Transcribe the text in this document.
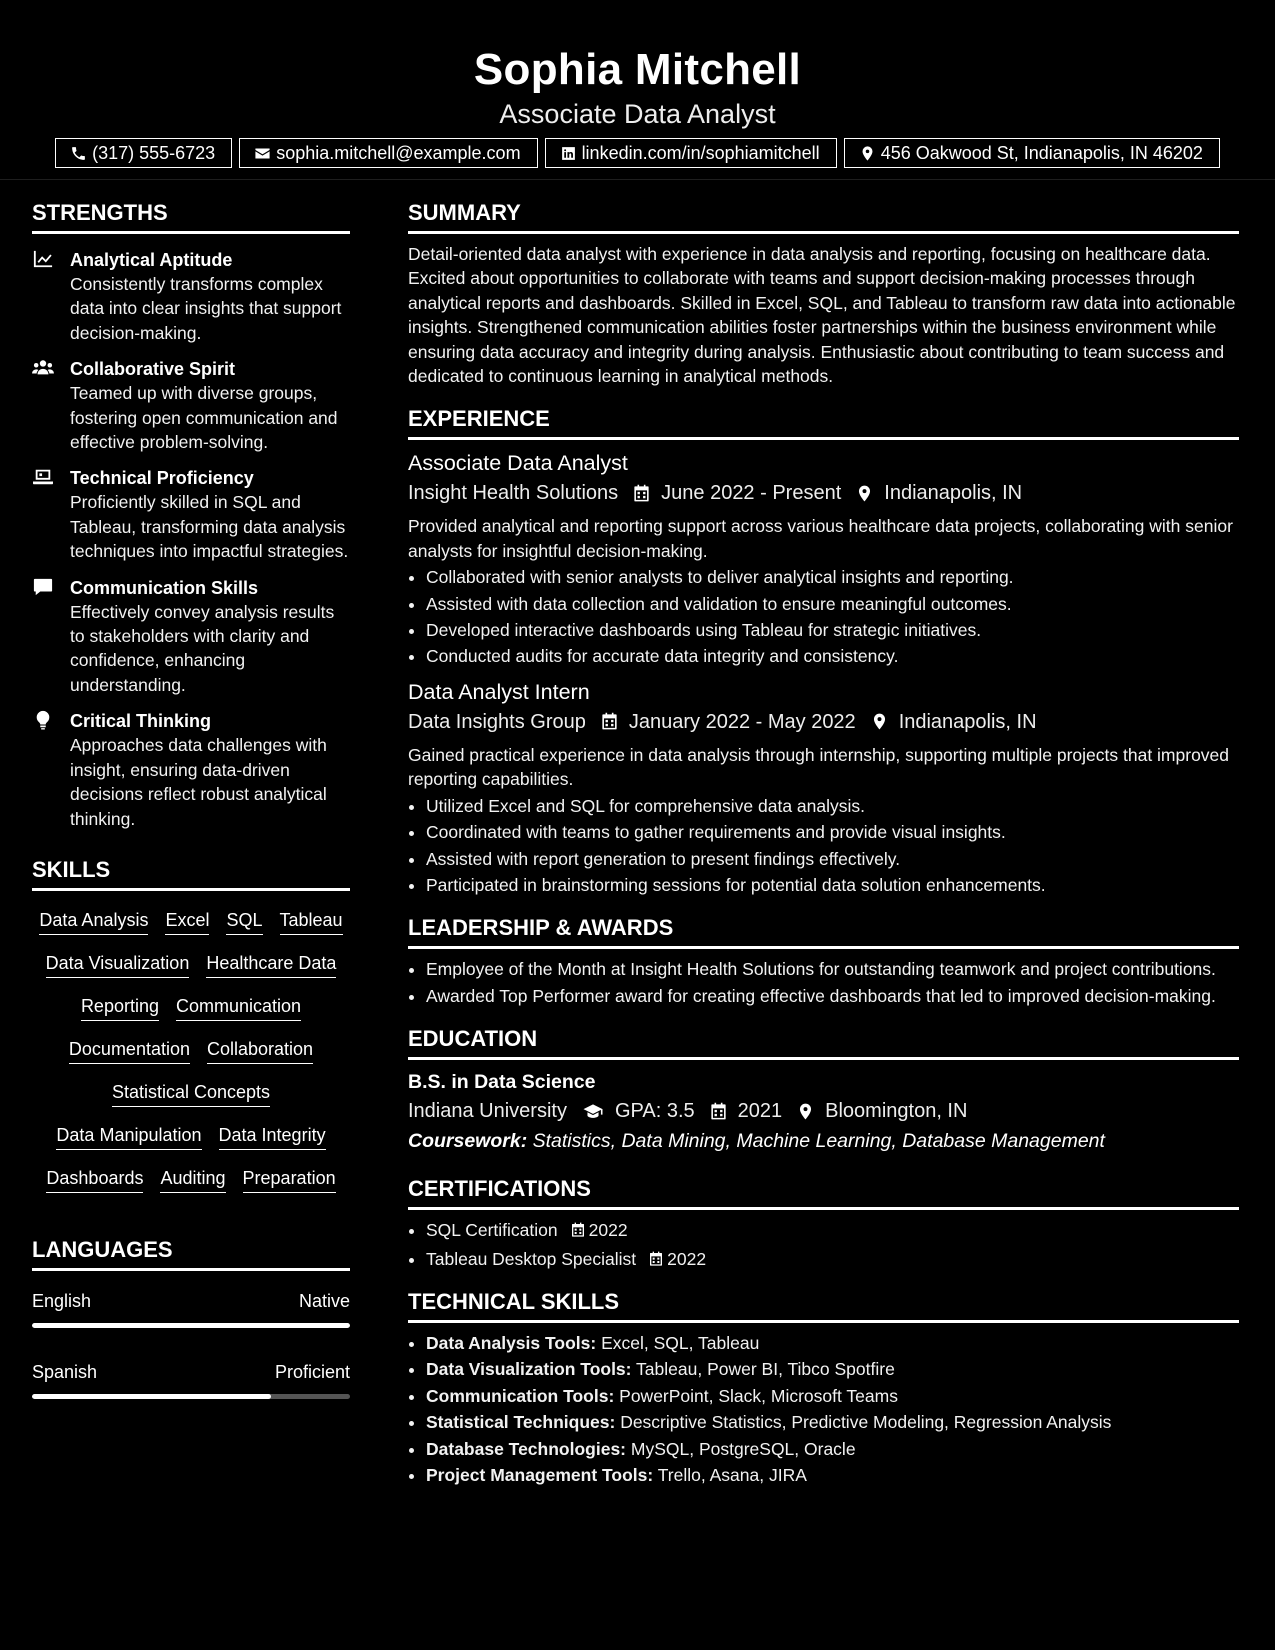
Sophia Mitchell
Associate Data Analyst
(317) 555-6723	sophia.mitchell@example.com	linkedin.com/in/sophiamitchell	456 Oakwood St, Indianapolis, IN 46202
STRENGTHS
Analytical Aptitude
Consistently transforms complex data into clear insights that support decision-making.
Collaborative Spirit
Teamed up with diverse groups, fostering open communication and effective problem-solving.
Technical Proficiency
Proficiently skilled in SQL and Tableau, transforming data analysis techniques into impactful strategies.
Communication Skills
Effectively convey analysis results to stakeholders with clarity and confidence, enhancing understanding.
Critical Thinking
Approaches data challenges with insight, ensuring data-driven decisions reflect robust analytical thinking.
SKILLS
Data Analysis Excel SQL Tableau
Data Visualization Healthcare Data
Reporting Communication
Documentation Collaboration
Statistical Concepts
Data Manipulation Data Integrity
Dashboards Auditing Preparation
LANGUAGES
English	Native
Spanish	Proficient
SUMMARY
Detail-oriented data analyst with experience in data analysis and reporting, focusing on healthcare data. Excited about opportunities to collaborate with teams and support decision-making processes through analytical reports and dashboards. Skilled in Excel, SQL, and Tableau to transform raw data into actionable insights. Strengthened communication abilities foster partnerships within the business environment while ensuring data accuracy and integrity during analysis. Enthusiastic about contributing to team success and dedicated to continuous learning in analytical methods.
EXPERIENCE
Associate Data Analyst
Insight Health Solutions June 2022 - Present Indianapolis, IN
Provided analytical and reporting support across various healthcare data projects, collaborating with senior analysts for insightful decision-making.
• Collaborated with senior analysts to deliver analytical insights and reporting.
• Assisted with data collection and validation to ensure meaningful outcomes.
• Developed interactive dashboards using Tableau for strategic initiatives.
• Conducted audits for accurate data integrity and consistency.
Data Analyst Intern
Data Insights Group January 2022 - May 2022 Indianapolis, IN
Gained practical experience in data analysis through internship, supporting multiple projects that improved reporting capabilities.
• Utilized Excel and SQL for comprehensive data analysis.
• Coordinated with teams to gather requirements and provide visual insights.
• Assisted with report generation to present findings effectively.
• Participated in brainstorming sessions for potential data solution enhancements.
LEADERSHIP & AWARDS
• Employee of the Month at Insight Health Solutions for outstanding teamwork and project contributions.
• Awarded Top Performer award for creating effective dashboards that led to improved decision-making.
EDUCATION
B.S. in Data Science
Indiana University GPA: 3.5 2021 Bloomington, IN
Coursework: Statistics, Data Mining, Machine Learning, Database Management
CERTIFICATIONS
• SQL Certification 2022
• Tableau Desktop Specialist 2022
TECHNICAL SKILLS
• Data Analysis Tools: Excel, SQL, Tableau
• Data Visualization Tools: Tableau, Power BI, Tibco Spotfire
• Communication Tools: PowerPoint, Slack, Microsoft Teams
• Statistical Techniques: Descriptive Statistics, Predictive Modeling, Regression Analysis
• Database Technologies: MySQL, PostgreSQL, Oracle
• Project Management Tools: Trello, Asana, JIRA
